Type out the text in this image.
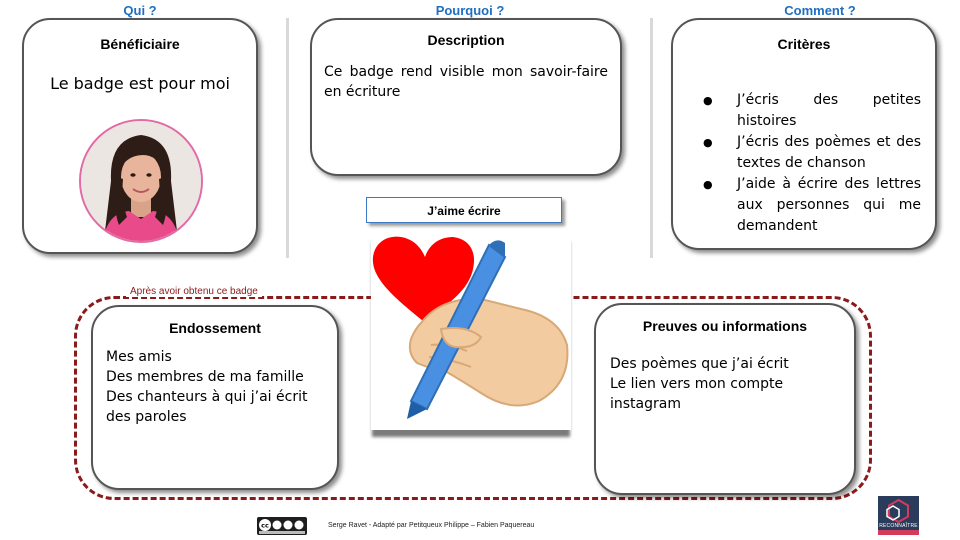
Qui ?	Pourquoi ?	Comment ?
Bénéficiaire
Le badge est pour moi
Description
Ce badge rend visible mon savoir-faire en écriture
Critères
● J’écris des petites histoires
● J’écris des poèmes et des textes de chanson
● J’aide à écrire des lettres aux personnes qui me demandent
J’aime écrire
Après avoir obtenu ce badge
Endossement
Mes amis
Des membres de ma famille
Des chanteurs à qui j’ai écrit des paroles
Preuves ou informations
Des poèmes que j’ai écrit
Le lien vers mon compte instagram
cc	Serge Ravet - Adapté par Petitqueux Philippe – Fabien Paquereau	RECONNAÎTRE
